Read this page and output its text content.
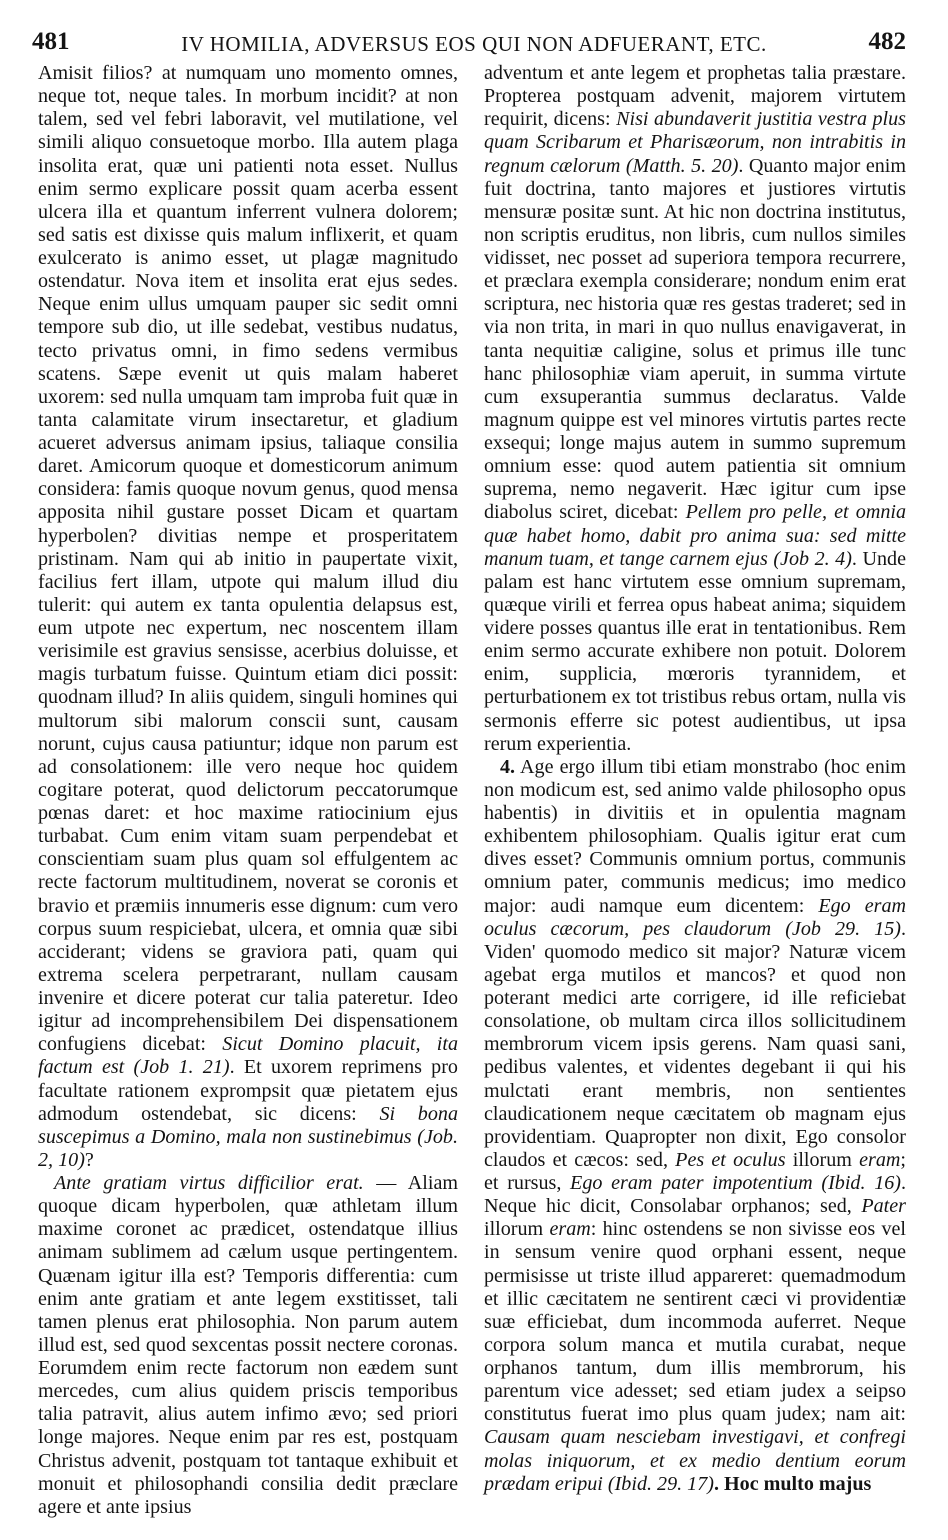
481	IV HOMILIA, ADVERSUS EOS QUI NON ADFUERANT, ETC.	482

Amisit filios? at numquam uno momento omnes, neque tot, neque tales. In morbum incidit? at non talem, sed vel febri laboravit, vel mutilatione, vel simili aliquo consuetoque morbo. Illa autem plaga insolita erat, quæ uni patienti nota esset. Nullus enim sermo explicare possit quam acerba essent ulcera illa et quantum inferrent vulnera dolorem; sed satis est dixisse quis malum inflixerit, et quam exulcerato is animo esset, ut plagæ magnitudo ostendatur. Nova item et insolita erat ejus sedes. Neque enim ullus umquam pauper sic sedit omni tempore sub dio, ut ille sedebat, vestibus nudatus, tecto privatus omni, in fimo sedens vermibus scatens. Sæpe evenit ut quis malam haberet uxorem: sed nulla umquam tam improba fuit quæ in tanta calamitate virum insectaretur, et gladium acueret adversus animam ipsius, taliaque consilia daret. Amicorum quoque et domesticorum animum considera: famis quoque novum genus, quod mensa apposita nihil gustare posset Dicam et quartam hyperbolen? divitias nempe et prosperitatem pristinam. Nam qui ab initio in paupertate vixit, facilius fert illam, utpote qui malum illud diu tulerit: qui autem ex tanta opulentia delapsus est, eum utpote nec expertum, nec noscentem illam verisimile est gravius sensisse, acerbius doluisse, et magis turbatum fuisse. Quintum etiam dici possit: quodnam illud? In aliis quidem, singuli homines qui multorum sibi malorum conscii sunt, causam norunt, cujus causa patiuntur; idque non parum est ad consolationem: ille vero neque hoc quidem cogitare poterat, quod delictorum peccatorumque pœnas daret: et hoc maxime ratiocinium ejus turbabat. Cum enim vitam suam perpendebat et conscientiam suam plus quam sol effulgentem ac recte factorum multitudinem, noverat se coronis et bravio et præmiis innumeris esse dignum: cum vero corpus suum respiciebat, ulcera, et omnia quæ sibi acciderant; videns se graviora pati, quam qui extrema scelera perpetrarant, nullam causam invenire et dicere poterat cur talia pateretur. Ideo igitur ad incomprehensibilem Dei dispensationem confugiens dicebat: Sicut Domino placuit, ita factum est (Job 1. 21). Et uxorem reprimens pro facultate rationem exprompsit quæ pietatem ejus admodum ostendebat, sic dicens: Si bona suscepimus a Domino, mala non sustinebimus (Job. 2, 10)?

Ante gratiam virtus difficilior erat. — Aliam quoque dicam hyperbolen, quæ athletam illum maxime coronet ac prædicet, ostendatque illius animam sublimem ad cælum usque pertingentem. Quænam igitur illa est? Temporis differentia: cum enim ante gratiam et ante legem exstitisset, tali tamen plenus erat philosophia. Non parum autem illud est, sed quod sexcentas possit nectere coronas. Eorumdem enim recte factorum non eædem sunt mercedes, cum alius quidem priscis temporibus talia patravit, alius autem infimo ævo; sed priori longe majores. Neque enim par res est, postquam Christus advenit, postquam tot tantaque exhibuit et monuit et philosophandi consilia dedit præclare agere et ante ipsius

adventum et ante legem et prophetas talia præstare. Propterea postquam advenit, majorem virtutem requirit, dicens: Nisi abundaverit justitia vestra plus quam Scribarum et Pharisæorum, non intrabitis in regnum cælorum (Matth. 5. 20). Quanto major enim fuit doctrina, tanto majores et justiores virtutis mensuræ positæ sunt. At hic non doctrina institutus, non scriptis eruditus, non libris, cum nullos similes vidisset, nec posset ad superiora tempora recurrere, et præclara exempla considerare; nondum enim erat scriptura, nec historia quæ res gestas traderet; sed in via non trita, in mari in quo nullus enavigaverat, in tanta nequitiæ caligine, solus et primus ille tunc hanc philosophiæ viam aperuit, in summa virtute cum exsuperantia summus declaratus. Valde magnum quippe est vel minores virtutis partes recte exsequi; longe majus autem in summo supremum omnium esse: quod autem patientia sit omnium suprema, nemo negaverit. Hæc igitur cum ipse diabolus sciret, dicebat: Pellem pro pelle, et omnia quæ habet homo, dabit pro anima sua: sed mitte manum tuam, et tange carnem ejus (Job 2. 4). Unde palam est hanc virtutem esse omnium supremam, quæque virili et ferrea opus habeat anima; siquidem videre posses quantus ille erat in tentationibus. Rem enim sermo accurate exhibere non potuit. Dolorem enim, supplicia, mœroris tyrannidem, et perturbationem ex tot tristibus rebus ortam, nulla vis sermonis efferre sic potest audientibus, ut ipsa rerum experientia.

4. Age ergo illum tibi etiam monstrabo (hoc enim non modicum est, sed animo valde philosopho opus habentis) in divitiis et in opulentia magnam exhibentem philosophiam. Qualis igitur erat cum dives esset? Communis omnium portus, communis omnium pater, communis medicus; imo medico major: audi namque eum dicentem: Ego eram oculus cæcorum, pes claudorum (Job 29. 15). Viden' quomodo medico sit major? Naturæ vicem agebat erga mutilos et mancos? et quod non poterant medici arte corrigere, id ille reficiebat consolatione, ob multam circa illos sollicitudinem membrorum vicem ipsis gerens. Nam quasi sani, pedibus valentes, et videntes degebant ii qui his mulctati erant membris, non sentientes claudicationem neque cæcitatem ob magnam ejus providentiam. Quapropter non dixit, Ego consolor claudos et cæcos: sed, Pes et oculus illorum eram; et rursus, Ego eram pater impotentium (Ibid. 16). Neque hic dicit, Consolabar orphanos; sed, Pater illorum eram: hinc ostendens se non sivisse eos vel in sensum venire quod orphani essent, neque permisisse ut triste illud appareret: quemadmodum et illic cæcitatem ne sentirent cæci vi providentiæ suæ efficiebat, dum incommoda auferret. Neque corpora solum manca et mutila curabat, neque orphanos tantum, dum illis membrorum, his parentum vice adesset; sed etiam judex a seipso constitutus fuerat imo plus quam judex; nam ait: Causam quam nesciebam investigavi, et confregi molas iniquorum, et ex medio dentium eorum prædam eripui (Ibid. 29. 17). Hoc multo majus
